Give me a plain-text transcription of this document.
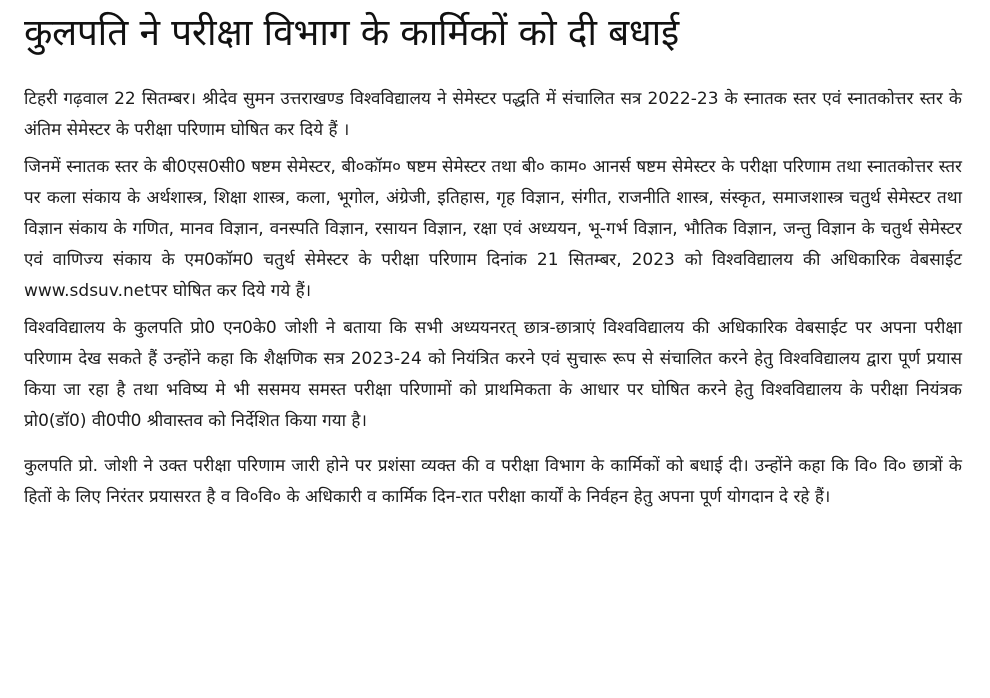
कुलपति ने परीक्षा विभाग के कार्मिकों को दी बधाई

टिहरी गढ़वाल 22 सितम्बर। श्रीदेव सुमन उत्तराखण्ड विश्वविद्यालय ने सेमेस्टर पद्धति में संचालित सत्र 2022-23 के स्नातक स्तर एवं स्नातकोत्तर स्तर के अंतिम सेमेस्टर के परीक्षा परिणाम घोषित कर दिये हैं ।

जिनमें स्नातक स्तर के बी0एस0सी0 षष्टम सेमेस्टर, बी०कॉम० षष्टम सेमेस्टर तथा बी० काम० आनर्स षष्टम सेमेस्टर के परीक्षा परिणाम तथा स्नातकोत्तर स्तर पर कला संकाय के अर्थशास्त्र, शिक्षा शास्त्र, कला, भूगोल, अंग्रेजी, इतिहास, गृह विज्ञान, संगीत, राजनीति शास्त्र, संस्कृत, समाजशास्त्र चतुर्थ सेमेस्टर तथा विज्ञान संकाय के गणित, मानव विज्ञान, वनस्पति विज्ञान, रसायन विज्ञान, रक्षा एवं अध्ययन, भू-गर्भ विज्ञान, भौतिक विज्ञान, जन्तु विज्ञान के चतुर्थ सेमेस्टर एवं वाणिज्य संकाय के एम0कॉम0 चतुर्थ सेमेस्टर के परीक्षा परिणाम दिनांक 21 सितम्बर, 2023 को विश्वविद्यालय की अधिकारिक वेबसाईट www.sdsuv.netपर घोषित कर दिये गये हैं।

विश्वविद्यालय के कुलपति प्रो0 एन0के0 जोशी ने बताया कि सभी अध्ययनरत् छात्र-छात्राएं विश्वविद्यालय की अधिकारिक वेबसाईट पर अपना परीक्षा परिणाम देख सकते हैं उन्होंने कहा कि शैक्षणिक सत्र 2023-24 को नियंत्रित करने एवं सुचारू रूप से संचालित करने हेतु विश्वविद्यालय द्वारा पूर्ण प्रयास किया जा रहा है तथा भविष्य मे भी ससमय समस्त परीक्षा परिणामों को प्राथमिकता के आधार पर घोषित करने हेतु विश्वविद्यालय के परीक्षा नियंत्रक प्रो0(डॉ0) वी0पी0 श्रीवास्तव को निर्देशित किया गया है।

कुलपति प्रो. जोशी ने उक्त परीक्षा परिणाम जारी होने पर प्रशंसा व्यक्त की व परीक्षा विभाग के कार्मिकों को बधाई दी। उन्होंने कहा कि वि० वि० छात्रों के हितों के लिए निरंतर प्रयासरत है व वि०वि० के अधिकारी व कार्मिक दिन-रात परीक्षा कार्यों के निर्वहन हेतु अपना पूर्ण योगदान दे रहे हैं।
